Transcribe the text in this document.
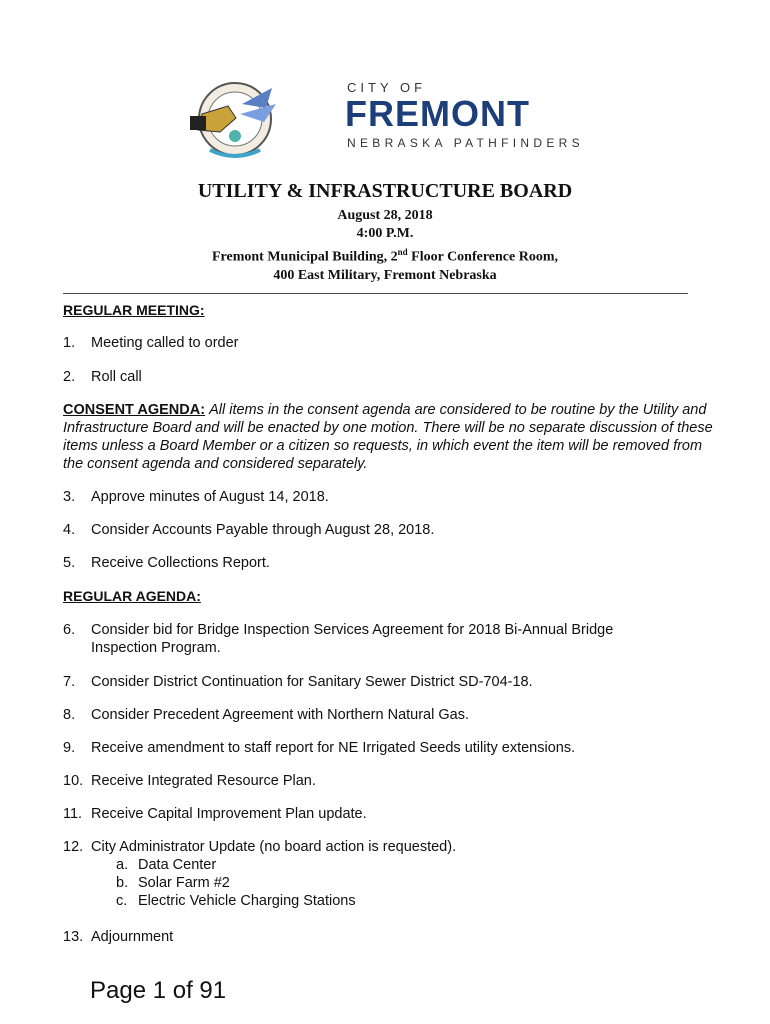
CITY OF
FREMONT
NEBRASKA PATHFINDERS
UTILITY & INFRASTRUCTURE BOARD
August 28, 2018
4:00 P.M.
Fremont Municipal Building, 2nd Floor Conference Room,
400 East Military, Fremont Nebraska
REGULAR MEETING:
1. Meeting called to order
2. Roll call
CONSENT AGENDA: All items in the consent agenda are considered to be routine by the Utility and Infrastructure Board and will be enacted by one motion. There will be no separate discussion of these items unless a Board Member or a citizen so requests, in which event the item will be removed from the consent agenda and considered separately.
3. Approve minutes of August 14, 2018.
4. Consider Accounts Payable through August 28, 2018.
5. Receive Collections Report.
REGULAR AGENDA:
6. Consider bid for Bridge Inspection Services Agreement for 2018 Bi-Annual Bridge
Inspection Program.
7. Consider District Continuation for Sanitary Sewer District SD-704-18.
8. Consider Precedent Agreement with Northern Natural Gas.
9. Receive amendment to staff report for NE Irrigated Seeds utility extensions.
10. Receive Integrated Resource Plan.
11. Receive Capital Improvement Plan update.
12. City Administrator Update (no board action is requested).
a. Data Center
b. Solar Farm #2
c. Electric Vehicle Charging Stations
13. Adjournment
Page 1 of 91
